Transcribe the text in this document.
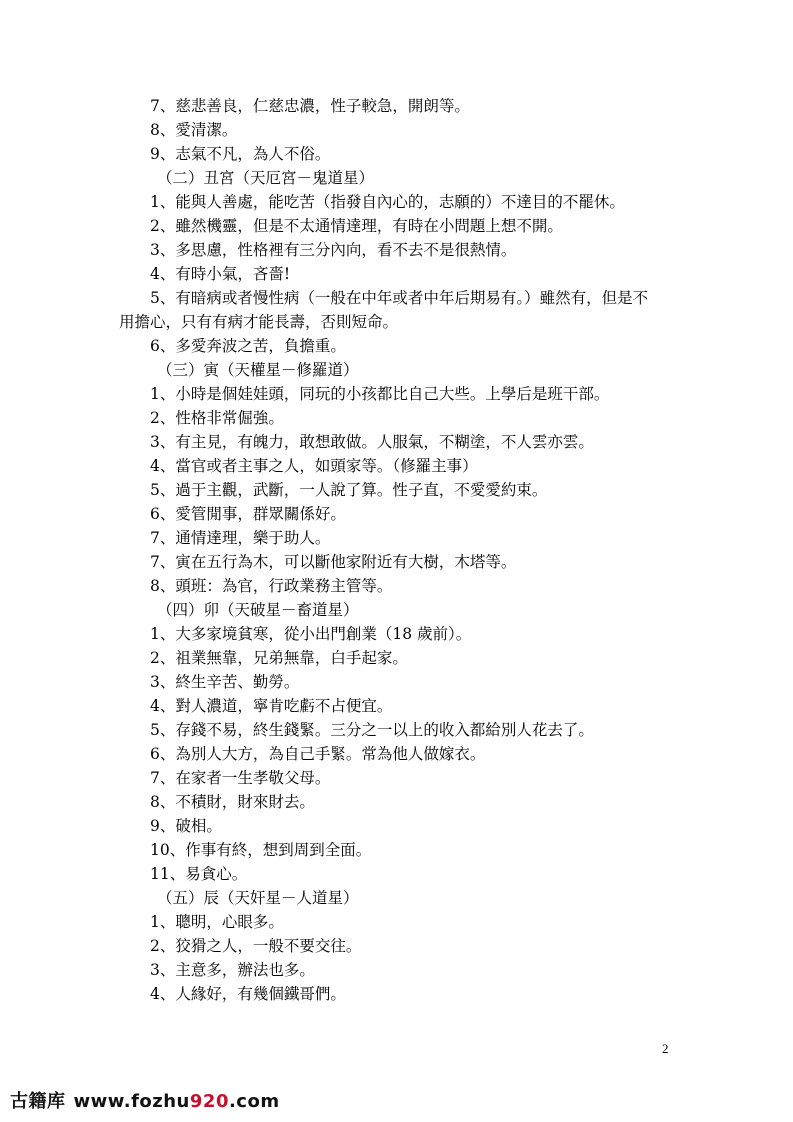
7、慈悲善良，仁慈忠濃，性子較急，開朗等。
8、愛清潔。
9、志氣不凡，為人不俗。
（二）丑宮（天厄宮－鬼道星）
1、能與人善處，能吃苦（指發自內心的，志願的）不達目的不罷休。
2、雖然機靈，但是不太通情達理，有時在小問題上想不開。
3、多思慮，性格裡有三分內向，看不去不是很熱情。
4、有時小氣，吝嗇!
5、有暗病或者慢性病（一般在中年或者中年后期易有。）雖然有，但是不
用擔心，只有有病才能長壽，否則短命。
6、多愛奔波之苦，負擔重。
（三）寅（天權星－修羅道）
1、小時是個娃娃頭，同玩的小孩都比自己大些。上學后是班干部。
2、性格非常倔強。
3、有主見，有魄力，敢想敢做。人服氣，不糊塗，不人雲亦雲。
4、當官或者主事之人，如頭家等。（修羅主事）
5、過于主觀，武斷，一人說了算。性子直，不愛愛約束。
6、愛管閒事，群眾關係好。
7、通情達理，樂于助人。
7、寅在五行為木，可以斷他家附近有大樹，木塔等。
8、頭班：為官，行政業務主管等。
（四）卯（天破星－畜道星）
1、大多家境貧寒，從小出門創業（18 歲前）。
2、祖業無靠，兄弟無靠，白手起家。
3、終生辛苦、勤勞。
4、對人濃道，寧肯吃虧不占便宜。
5、存錢不易，終生錢緊。三分之一以上的收入都給別人花去了。
6、為別人大方，為自己手緊。常為他人做嫁衣。
7、在家者一生孝敬父母。
8、不積財，財來財去。
9、破相。
10、作事有終，想到周到全面。
11、易貪心。
（五）辰（天奸星－人道星）
1、聰明，心眼多。
2、狡猾之人，一般不要交往。
3、主意多，辦法也多。
4、人緣好，有幾個鐵哥們。
2
古籍库 www.fozhu 920 .com
